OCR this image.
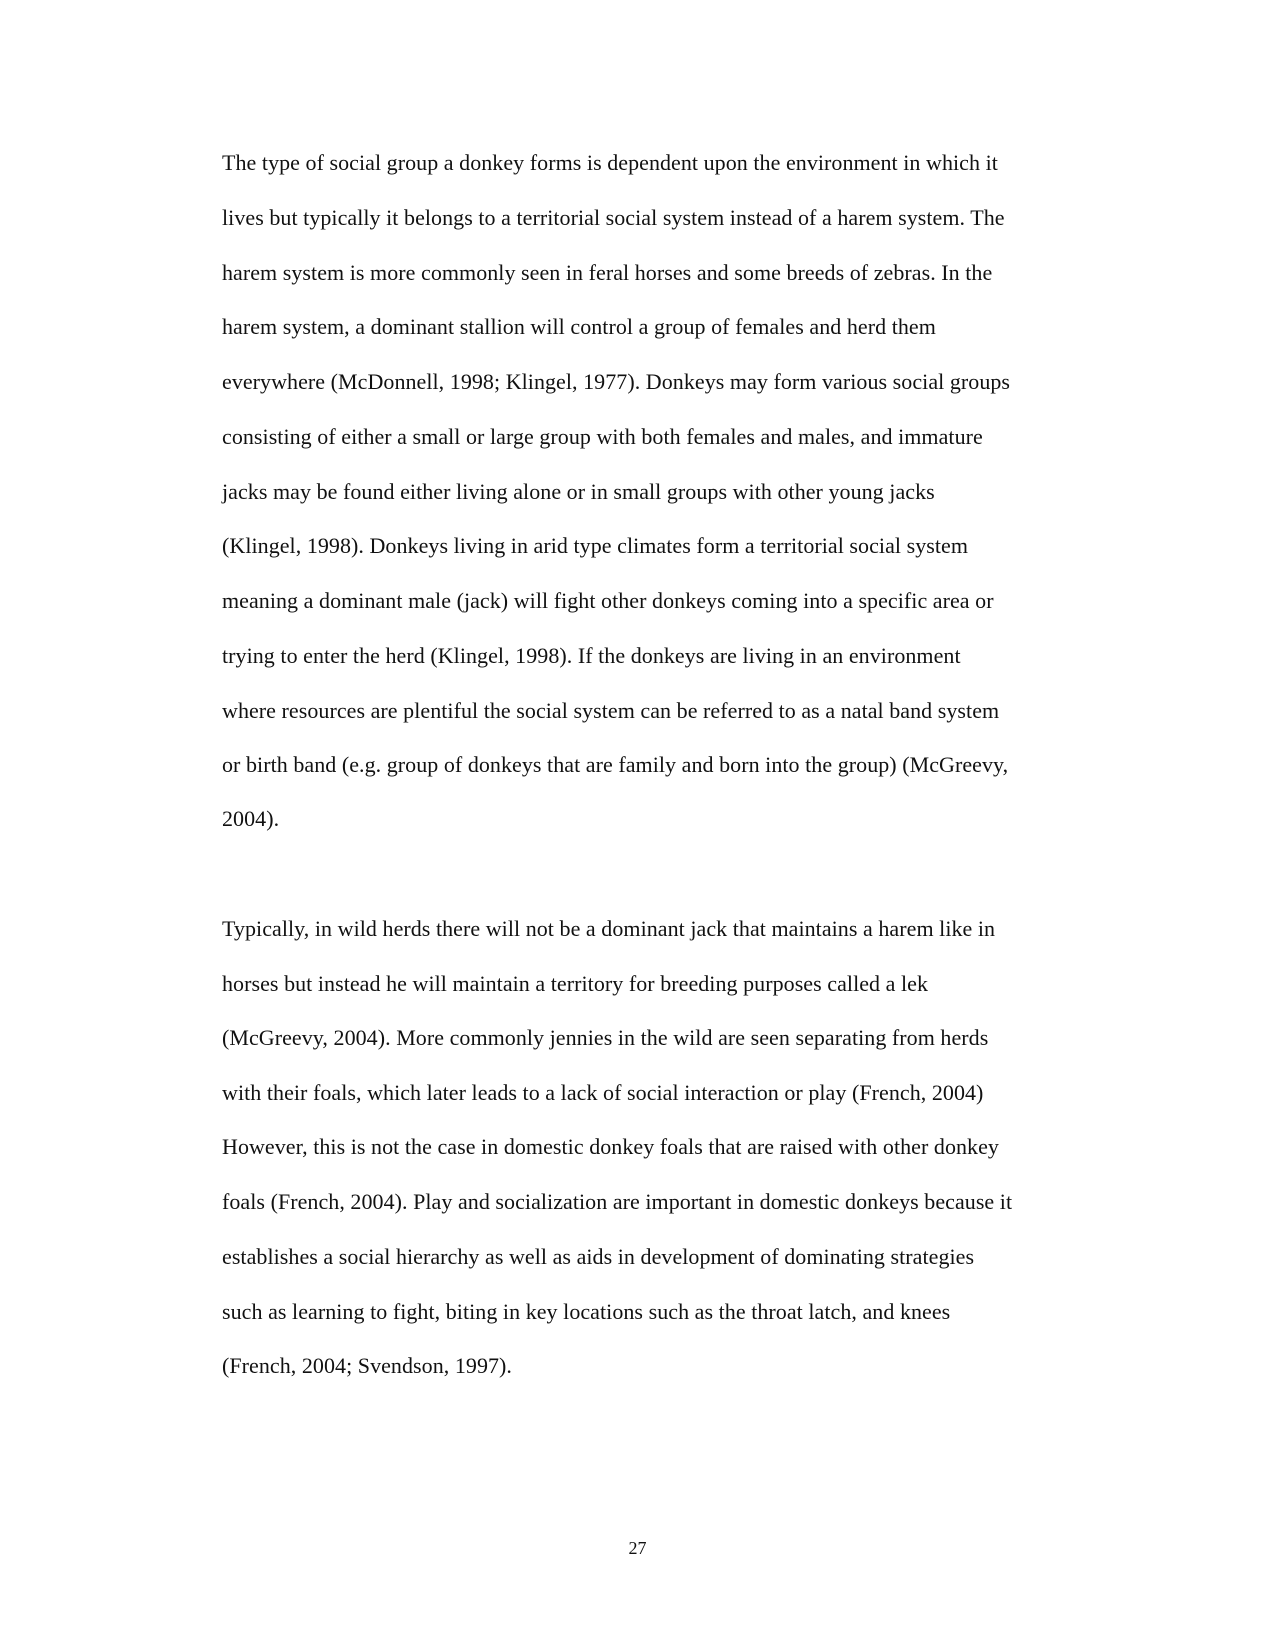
The type of social group a donkey forms is dependent upon the environment in which it

lives but typically it belongs to a territorial social system instead of a harem system. The

harem system is more commonly seen in feral horses and some breeds of zebras. In the

harem system, a dominant stallion will control a group of females and herd them

everywhere (McDonnell, 1998; Klingel, 1977). Donkeys may form various social groups

consisting of either a small or large group with both females and males, and immature

jacks may be found either living alone or in small groups with other young jacks

(Klingel, 1998). Donkeys living in arid type climates form a territorial social system

meaning a dominant male (jack) will fight other donkeys coming into a specific area or

trying to enter the herd (Klingel, 1998). If the donkeys are living in an environment

where resources are plentiful the social system can be referred to as a natal band system

or birth band (e.g. group of donkeys that are family and born into the group) (McGreevy,

2004).

Typically, in wild herds there will not be a dominant jack that maintains a harem like in

horses but instead he will maintain a territory for breeding purposes called a lek

(McGreevy, 2004). More commonly jennies in the wild are seen separating from herds

with their foals, which later leads to a lack of social interaction or play (French, 2004)

However, this is not the case in domestic donkey foals that are raised with other donkey

foals (French, 2004). Play and socialization are important in domestic donkeys because it

establishes a social hierarchy as well as aids in development of dominating strategies

such as learning to fight, biting in key locations such as the throat latch, and knees

(French, 2004; Svendson, 1997).

27
